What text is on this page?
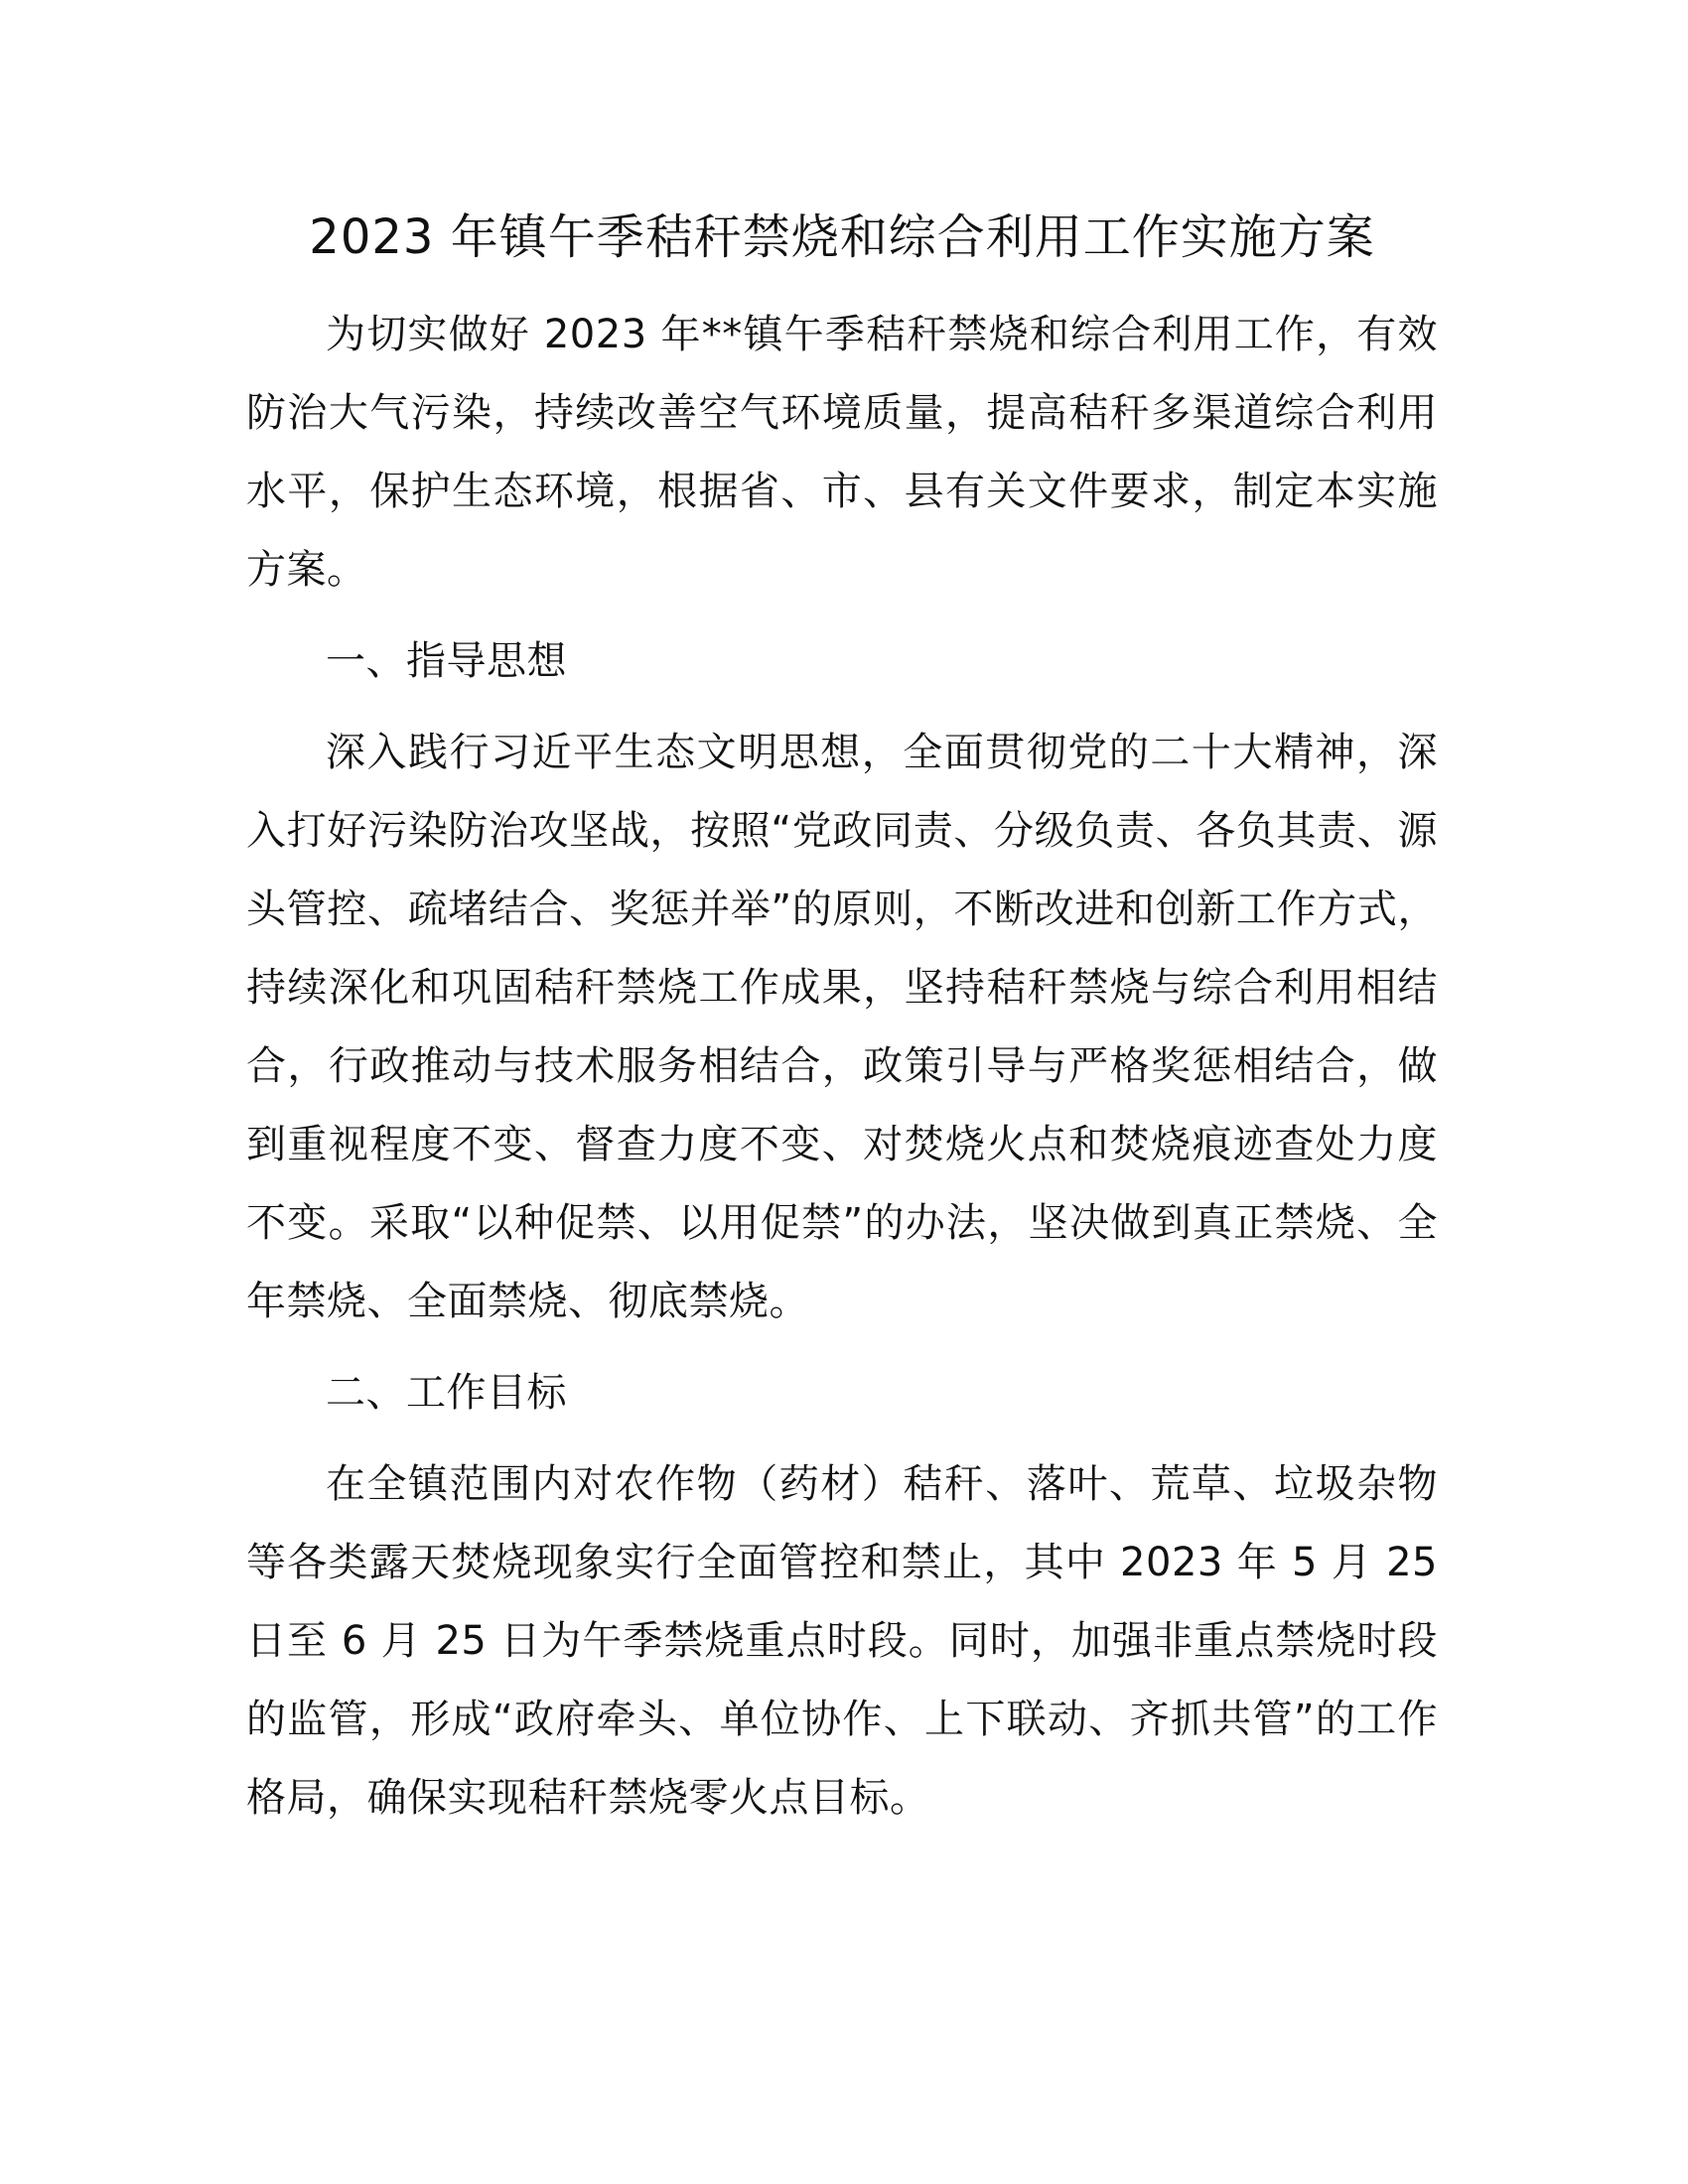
2023 年镇午季秸秆禁烧和综合利用工作实施方案

为切实做好 2023 年**镇午季秸秆禁烧和综合利用工作，有效防治大气污染，持续改善空气环境质量，提高秸秆多渠道综合利用水平，保护生态环境，根据省、市、县有关文件要求，制定本实施方案。

一、指导思想

深入践行习近平生态文明思想，全面贯彻党的二十大精神，深入打好污染防治攻坚战，按照“党政同责、分级负责、各负其责、源头管控、疏堵结合、奖惩并举”的原则，不断改进和创新工作方式，持续深化和巩固秸秆禁烧工作成果，坚持秸秆禁烧与综合利用相结合，行政推动与技术服务相结合，政策引导与严格奖惩相结合，做到重视程度不变、督查力度不变、对焚烧火点和焚烧痕迹查处力度不变。采取“以种促禁、以用促禁”的办法，坚决做到真正禁烧、全年禁烧、全面禁烧、彻底禁烧。

二、工作目标

在全镇范围内对农作物（药材）秸秆、落叶、荒草、垃圾杂物等各类露天焚烧现象实行全面管控和禁止，其中 2023 年 5 月 25 日至 6 月 25 日为午季禁烧重点时段。同时，加强非重点禁烧时段的监管，形成“政府牵头、单位协作、上下联动、齐抓共管”的工作格局，确保实现秸秆禁烧零火点目标。
